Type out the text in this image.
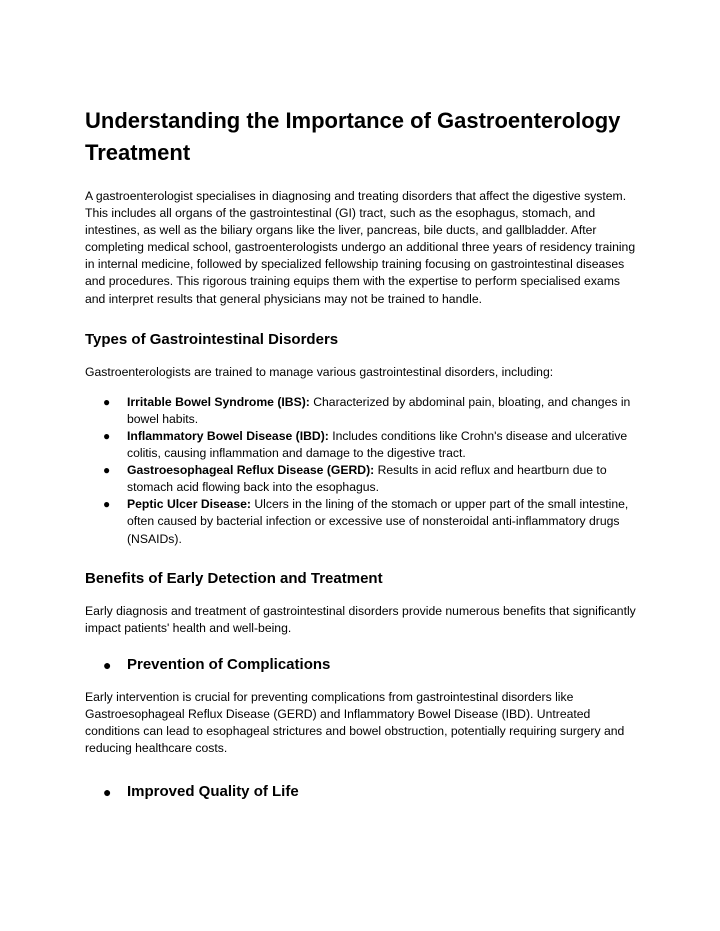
Understanding the Importance of Gastroenterology Treatment

A gastroenterologist specialises in diagnosing and treating disorders that affect the digestive system. This includes all organs of the gastrointestinal (GI) tract, such as the esophagus, stomach, and intestines, as well as the biliary organs like the liver, pancreas, bile ducts, and gallbladder. After completing medical school, gastroenterologists undergo an additional three years of residency training in internal medicine, followed by specialized fellowship training focusing on gastrointestinal diseases and procedures. This rigorous training equips them with the expertise to perform specialised exams and interpret results that general physicians may not be trained to handle.

Types of Gastrointestinal Disorders

Gastroenterologists are trained to manage various gastrointestinal disorders, including:

● Irritable Bowel Syndrome (IBS): Characterized by abdominal pain, bloating, and changes in bowel habits.
● Inflammatory Bowel Disease (IBD): Includes conditions like Crohn's disease and ulcerative colitis, causing inflammation and damage to the digestive tract.
● Gastroesophageal Reflux Disease (GERD): Results in acid reflux and heartburn due to stomach acid flowing back into the esophagus.
● Peptic Ulcer Disease: Ulcers in the lining of the stomach or upper part of the small intestine, often caused by bacterial infection or excessive use of nonsteroidal anti-inflammatory drugs (NSAIDs).
Benefits of Early Detection and Treatment

Early diagnosis and treatment of gastrointestinal disorders provide numerous benefits that significantly impact patients' health and well-being.

● Prevention of Complications

Early intervention is crucial for preventing complications from gastrointestinal disorders like Gastroesophageal Reflux Disease (GERD) and Inflammatory Bowel Disease (IBD). Untreated conditions can lead to esophageal strictures and bowel obstruction, potentially requiring surgery and reducing healthcare costs.

● Improved Quality of Life
